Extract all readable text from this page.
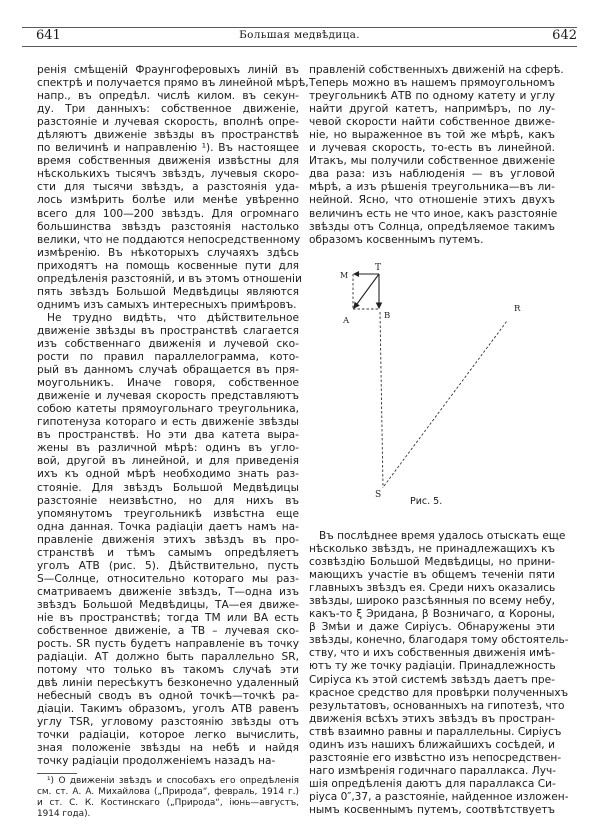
641	Большая медвѣдица.	642
ренія смѣщеній Фраунгоферовыхъ линій въ
спектрѣ и получается прямо въ линейной мѣрѣ,
напр., въ опредѣл. числѣ килом. въ секун-
ду. Три данныхъ: собственное движеніе,
разстояніе и лучевая скорость, вполнѣ опре-
дѣляютъ движеніе звѣзды въ пространствѣ
по величинѣ и направленію ¹). Въ настоящее
время собственныя движенія извѣстны для
нѣсколькихъ тысячъ звѣздъ, лучевыя скоро-
сти для тысячи звѣздъ, а разстоянія уда-
лось измѣрить болѣе или менѣе увѣренно
всего для 100—200 звѣздъ. Для огромнаго
большинства звѣздъ разстоянія настолько
велики, что не поддаются непосредственному
измѣренію. Въ нѣкоторыхъ случаяхъ здѣсь
приходятъ на помощь косвенные пути для
опредѣленія разстояній, и въ этомъ отношеніи
пять звѣздъ Большой Медвѣдицы являются
однимъ изъ самыхъ интересныхъ примѣровъ.
Не трудно видѣть, что дѣйствительное
движеніе звѣзды въ пространствѣ слагается
изъ собственнаго движенія и лучевой ско-
рости по правил параллелограмма, кото-
рый въ данномъ случаѣ обращается въ пря-
моугольникъ. Иначе говоря, собственное
движеніе и лучевая скорость представляютъ
собою катеты прямоугольнаго треугольника,
гипотенуза котораго и есть движеніе звѣзды
въ пространствѣ. Но эти два катета выра-
жены въ различной мѣрѣ: одинъ въ угло-
вой, другой въ линейной, и для приведенія
ихъ къ одной мѣрѣ необходимо знать раз-
стояніе. Для звѣздъ Большой Медвѣдицы
разстояніе неизвѣстно, но для нихъ въ
упомянутомъ треугольникѣ извѣстна еще
одна данная. Точка радіаціи даетъ намъ на-
правленіе движенія этихъ звѣздъ въ про-
странствѣ и тѣмъ самымъ опредѣляетъ
уголъ АТВ (рис. 5). Дѣйствительно, пусть
S—Солнце, относительно котораго мы раз-
сматриваемъ движеніе звѣздъ, T—одна изъ
звѣздъ Большой Медвѣдицы, ТА—ея движе-
ніе въ пространствѣ; тогда ТМ или ВА есть
собственное движеніе, а ТВ – лучевая ско-
рость. SR пусть будетъ направленіе въ точку
радіаціи. АТ должно быть параллельно SR,
потому что только въ такомъ случаѣ эти
двѣ линіи пересѣкутъ безконечно удаленный
небесный сводъ въ одной точкѣ—точкѣ ра-
діаціи. Такимъ образомъ, уголъ АТВ равенъ
углу TSR, угловому разстоянію звѣзды отъ
точки радіаціи, которое легко вычислить,
зная положеніе звѣзды на небѣ и найдя
точку радіаціи продолженіемъ назадъ на-
¹) О движеніи звѣздъ и способахъ его опредѣленія
см. ст. А. А. Михайлова („Природа“, февраль, 1914 г.)
и ст. С. К. Костинскаго („Природа“, іюнь—августъ,
1914 года).
правленій собственныхъ движеній на сферѣ.
Теперь можно въ нашемъ прямоугольномъ
треугольникѣ АТВ по одному катету и углу
найти другой катетъ, напримѣръ, по лу-
чевой скорости найти собственное движе-
ніе, но выраженное въ той же мѣрѣ, какъ
и лучевая скорость, то-есть въ линейной.
Итакъ, мы получили собственное движеніе
два раза: изъ наблюденія — въ угловой
мѣрѣ, а изъ рѣшенія треугольника—въ ли-
нейной. Ясно, что отношеніе этихъ двухъ
величинъ есть не что иное, какъ разстояніе
звѣзды отъ Солнца, опредѣляемое такимъ
образомъ косвеннымъ путемъ.
T
M
A	B
S
R
Рис. 5.
Въ послѣднее время удалось отыскать еще
нѣсколько звѣздъ, не принадлежащихъ къ
созвѣздію Большой Медвѣдицы, но прини-
мающихъ участіе въ общемъ теченіи пяти
главныхъ звѣздъ ея. Среди нихъ оказались
звѣзды, широко разсѣянныя по всему небу,
какъ-то ξ Эридана, β Возничаго, α Короны,
β Змѣи и даже Сиріусъ. Обнаружены эти
звѣзды, конечно, благодаря тому обстоятель-
ству, что и ихъ собственныя движенія имѣ-
ютъ ту же точку радіаціи. Принадлежность
Сиріуса къ этой системѣ звѣздъ даетъ пре-
красное средство для провѣрки полученныхъ
результатовъ, основанныхъ на гипотезѣ, что
движенія всѣхъ этихъ звѣздъ въ простран-
ствѣ взаимно равны и параллельны. Сиріусъ
одинъ изъ нашихъ ближайшихъ сосѣдей, и
разстояніе его извѣстно изъ непосредствен-
наго измѣренія годичнаго параллакса. Луч-
шія опредѣленія даютъ для параллакса Си-
ріуса 0″,37, а разстояніе, найденное изложен-
нымъ косвеннымъ путемъ, соотвѣтствуетъ
